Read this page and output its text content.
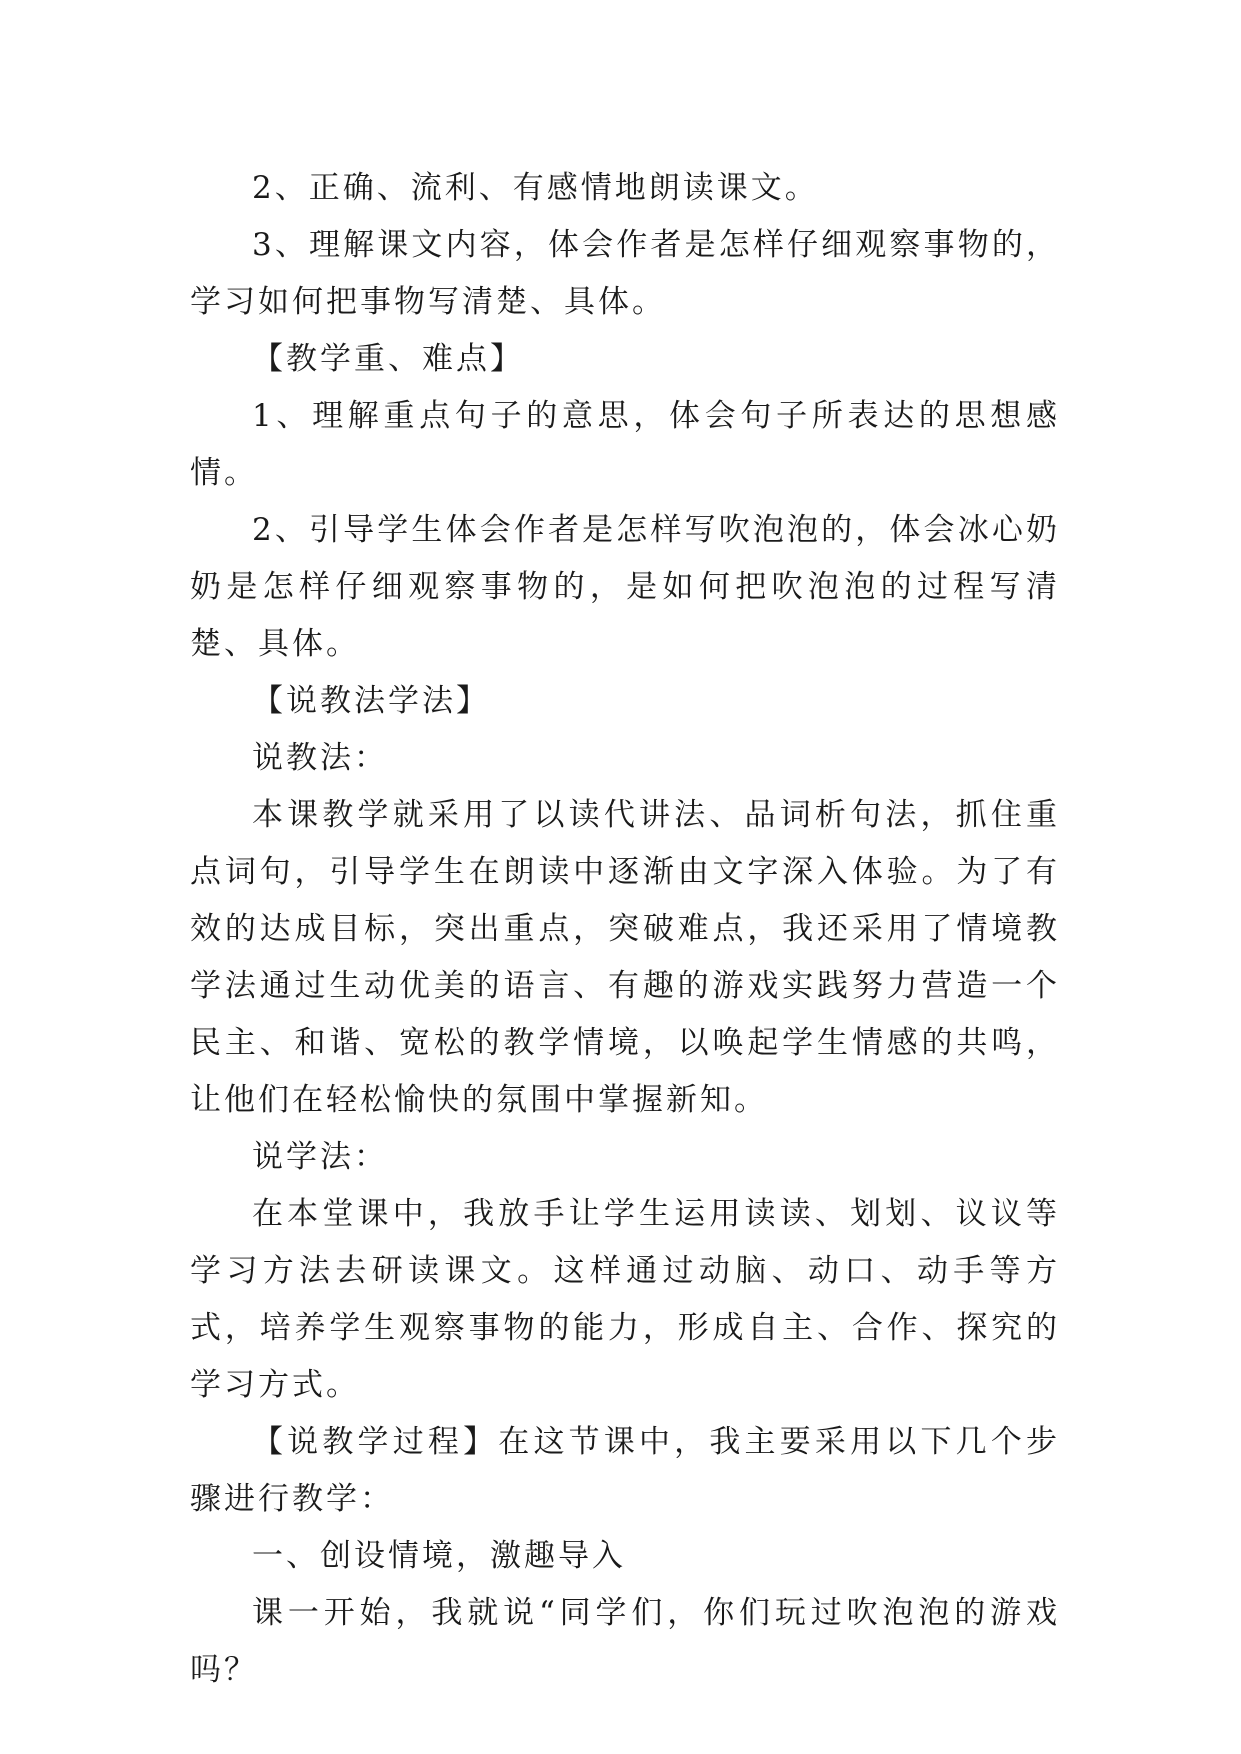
2、正确、流利、有感情地朗读课文。

3、理解课文内容，体会作者是怎样仔细观察事物的，学习如何把事物写清楚、具体。

【教学重、难点】

1、理解重点句子的意思，体会句子所表达的思想感情。

2、引导学生体会作者是怎样写吹泡泡的，体会冰心奶奶是怎样仔细观察事物的，是如何把吹泡泡的过程写清楚、具体。

【说教法学法】

说教法：

本课教学就采用了以读代讲法、品词析句法，抓住重点词句，引导学生在朗读中逐渐由文字深入体验。为了有效的达成目标，突出重点，突破难点，我还采用了情境教学法通过生动优美的语言、有趣的游戏实践努力营造一个民主、和谐、宽松的教学情境，以唤起学生情感的共鸣，让他们在轻松愉快的氛围中掌握新知。

说学法：

在本堂课中，我放手让学生运用读读、划划、议议等学习方法去研读课文。这样通过动脑、动口、动手等方式，培养学生观察事物的能力，形成自主、合作、探究的学习方式。

【说教学过程】在这节课中，我主要采用以下几个步骤进行教学：

一、创设情境，激趣导入

课一开始，我就说“同学们，你们玩过吹泡泡的游戏吗？
